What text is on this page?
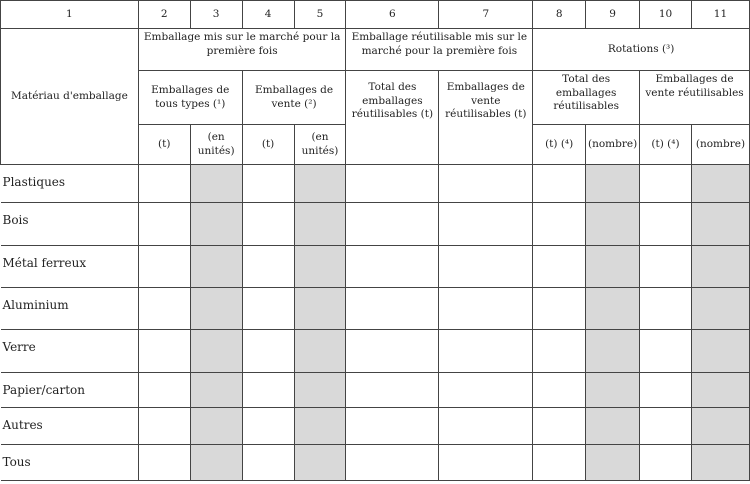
1	2	3	4	5	6	7	8	9	10	11
Matériau d'emballage	Emballage mis sur le marché pour la première fois				Emballage réutilisable mis sur le marché pour la première fois		Rotations (³)			
	Emballages de tous types (¹)		Emballages de vente (²)		Total des emballages réutilisables (t)	Emballages de vente réutilisables (t)	Total des emballages réutilisables		Emballages de vente réutilisables	
	(t)	(en unités)	(t)	(en unités)			(t) (⁴)	(nombre)	(t) (⁴)	(nombre)
Plastiques										
Bois										
Métal ferreux										
Aluminium										
Verre										
Papier/carton										
Autres										
Tous										
